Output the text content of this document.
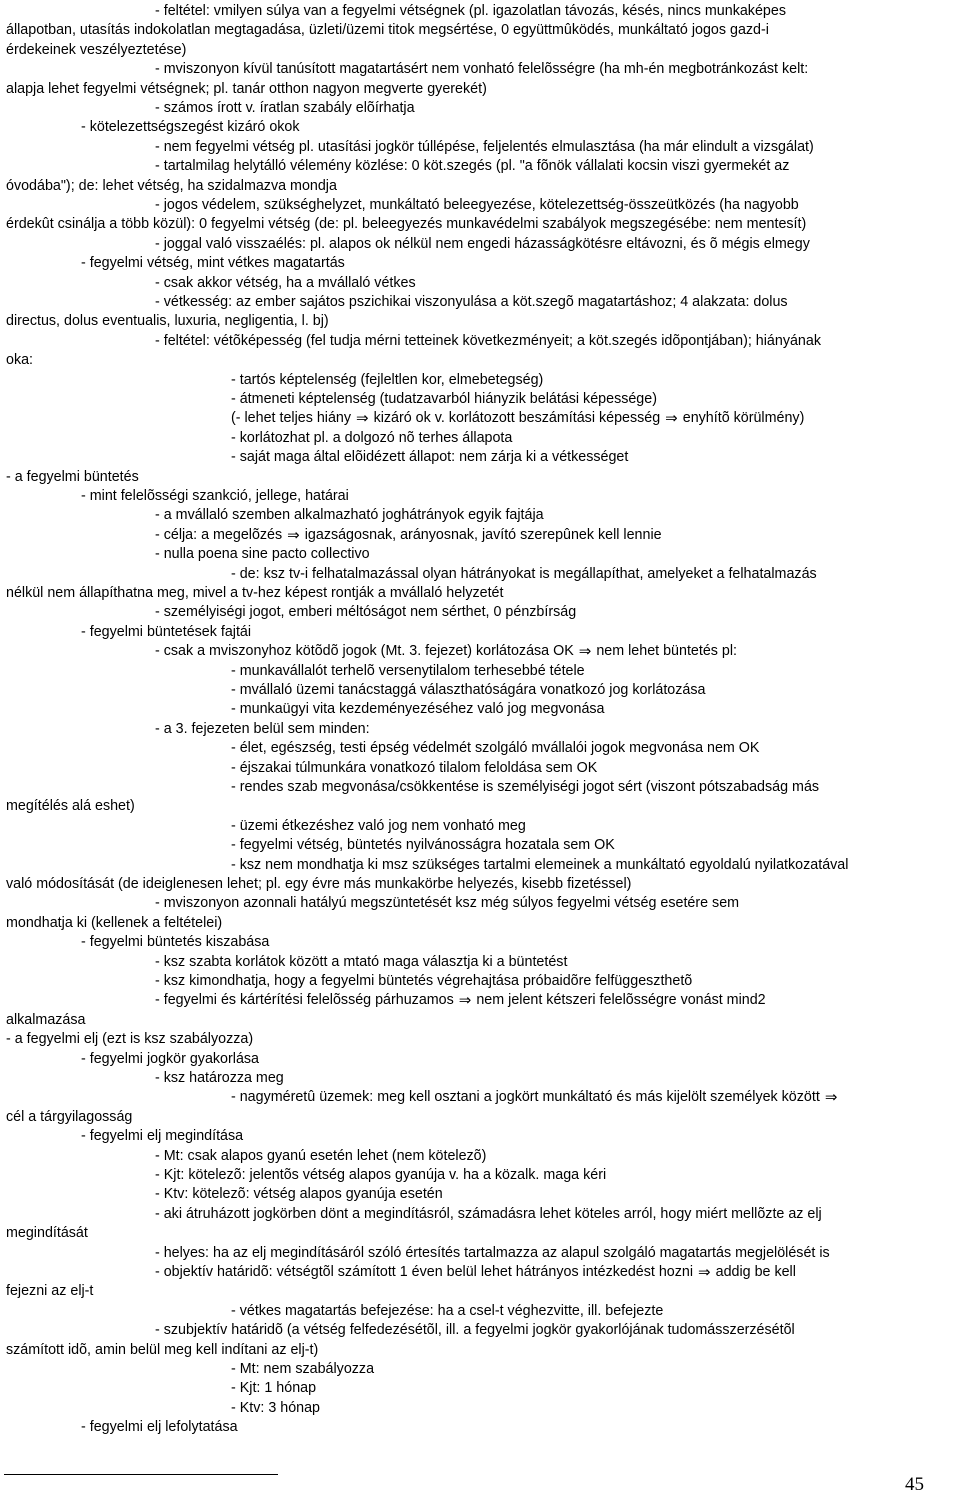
- feltétel: vmilyen súlya van a fegyelmi vétségnek (pl. igazolatlan távozás, késés, nincs munkaképes
állapotban, utasítás indokolatlan megtagadása, üzleti/üzemi titok megsértése, 0 együttmûködés, munkáltató jogos gazd-i
érdekeinek veszélyeztetése)
- mviszonyon kívül tanúsított magatartásért nem vonható felelõsségre (ha mh-én megbotránkozást kelt:
alapja lehet fegyelmi vétségnek; pl. tanár otthon nagyon megverte gyerekét)
- számos írott v. íratlan szabály elõírhatja
- kötelezettségszegést kizáró okok
- nem fegyelmi vétség pl. utasítási jogkör túllépése, feljelentés elmulasztása (ha már elindult a vizsgálat)
- tartalmilag helytálló vélemény közlése: 0 köt.szegés (pl. "a fõnök vállalati kocsin viszi gyermekét az
óvodába"); de: lehet vétség, ha szidalmazva mondja
- jogos védelem, szükséghelyzet, munkáltató beleegyezése, kötelezettség-összeütközés (ha nagyobb
érdekût csinálja a több közül): 0 fegyelmi vétség (de: pl. beleegyezés munkavédelmi szabályok megszegésébe: nem mentesít)
- joggal való visszaélés: pl. alapos ok nélkül nem engedi házasságkötésre eltávozni, és õ mégis elmegy
- fegyelmi vétség, mint vétkes magatartás
- csak akkor vétség, ha a mvállaló vétkes
- vétkesség: az ember sajátos pszichikai viszonyulása a köt.szegõ magatartáshoz; 4 alakzata: dolus
directus, dolus eventualis, luxuria, negligentia, l. bj)
- feltétel: vétõképesség (fel tudja mérni tetteinek következményeit; a köt.szegés idõpontjában); hiányának
oka:
- tartós képtelenség (fejleltlen kor, elmebetegség)
- átmeneti képtelenség (tudatzavarból hiányzik belátási képessége)
(- lehet teljes hiány ⇒ kizáró ok v. korlátozott beszámítási képesség ⇒ enyhítõ körülmény)
- korlátozhat pl. a dolgozó nõ terhes állapota
- saját maga által elõidézett állapot: nem zárja ki a vétkességet
- a fegyelmi büntetés
- mint felelõsségi szankció, jellege, határai
- a mvállaló szemben alkalmazható joghátrányok egyik fajtája
- célja: a megelõzés ⇒ igazságosnak, arányosnak, javító szerepûnek kell lennie
- nulla poena sine pacto collectivo
- de: ksz tv-i felhatalmazással olyan hátrányokat is megállapíthat, amelyeket a felhatalmazás
nélkül nem állapíthatna meg, mivel a tv-hez képest rontják a mvállaló helyzetét
- személyiségi jogot, emberi méltóságot nem sérthet, 0 pénzbírság
- fegyelmi büntetések fajtái
- csak a mviszonyhoz kötõdõ jogok (Mt. 3. fejezet) korlátozása OK ⇒ nem lehet büntetés pl:
- munkavállalót terhelõ versenytilalom terhesebbé tétele
- mvállaló üzemi tanácstaggá választhatóságára vonatkozó jog korlátozása
- munkaügyi vita kezdeményezéséhez való jog megvonása
- a 3. fejezeten belül sem minden:
- élet, egészség, testi épség védelmét szolgáló mvállalói jogok megvonása nem OK
- éjszakai túlmunkára vonatkozó tilalom feloldása sem OK
- rendes szab megvonása/csökkentése is személyiségi jogot sért (viszont pótszabadság más
megítélés alá eshet)
- üzemi étkezéshez való jog nem vonható meg
- fegyelmi vétség, büntetés nyilvánosságra hozatala sem OK
- ksz nem mondhatja ki msz szükséges tartalmi elemeinek a munkáltató egyoldalú nyilatkozatával
való módosítását (de ideiglenesen lehet; pl. egy évre más munkakörbe helyezés, kisebb fizetéssel)
- mviszonyon azonnali hatályú megszüntetését ksz még súlyos fegyelmi vétség esetére sem
mondhatja ki (kellenek a feltételei)
- fegyelmi büntetés kiszabása
- ksz szabta korlátok között a mtató maga választja ki a büntetést
- ksz kimondhatja, hogy a fegyelmi büntetés végrehajtása próbaidõre felfüggeszthetõ
- fegyelmi és kártérítési felelõsség párhuzamos ⇒ nem jelent kétszeri felelõsségre vonást mind2
alkalmazása
- a fegyelmi elj (ezt is ksz szabályozza)
- fegyelmi jogkör gyakorlása
- ksz határozza meg
- nagyméretû üzemek: meg kell osztani a jogkört munkáltató és más kijelölt személyek között ⇒
cél a tárgyilagosság
- fegyelmi elj megindítása
- Mt: csak alapos gyanú esetén lehet (nem kötelezõ)
- Kjt: kötelezõ: jelentõs vétség alapos gyanúja v. ha a közalk. maga kéri
- Ktv: kötelezõ: vétség alapos gyanúja esetén
- aki átruházott jogkörben dönt a megindításról, számadásra lehet köteles arról, hogy miért mellõzte az elj
megindítását
- helyes: ha az elj megindításáról szóló értesítés tartalmazza az alapul szolgáló magatartás megjelölését is
- objektív határidõ: vétségtõl számított 1 éven belül lehet hátrányos intézkedést hozni ⇒ addig be kell
fejezni az elj-t
- vétkes magatartás befejezése: ha a csel-t véghezvitte, ill. befejezte
- szubjektív határidõ (a vétség felfedezésétõl, ill. a fegyelmi jogkör gyakorlójának tudomásszerzésétõl
számított idõ, amin belül meg kell indítani az elj-t)
- Mt: nem szabályozza
- Kjt: 1 hónap
- Ktv: 3 hónap
- fegyelmi elj lefolytatása
45
